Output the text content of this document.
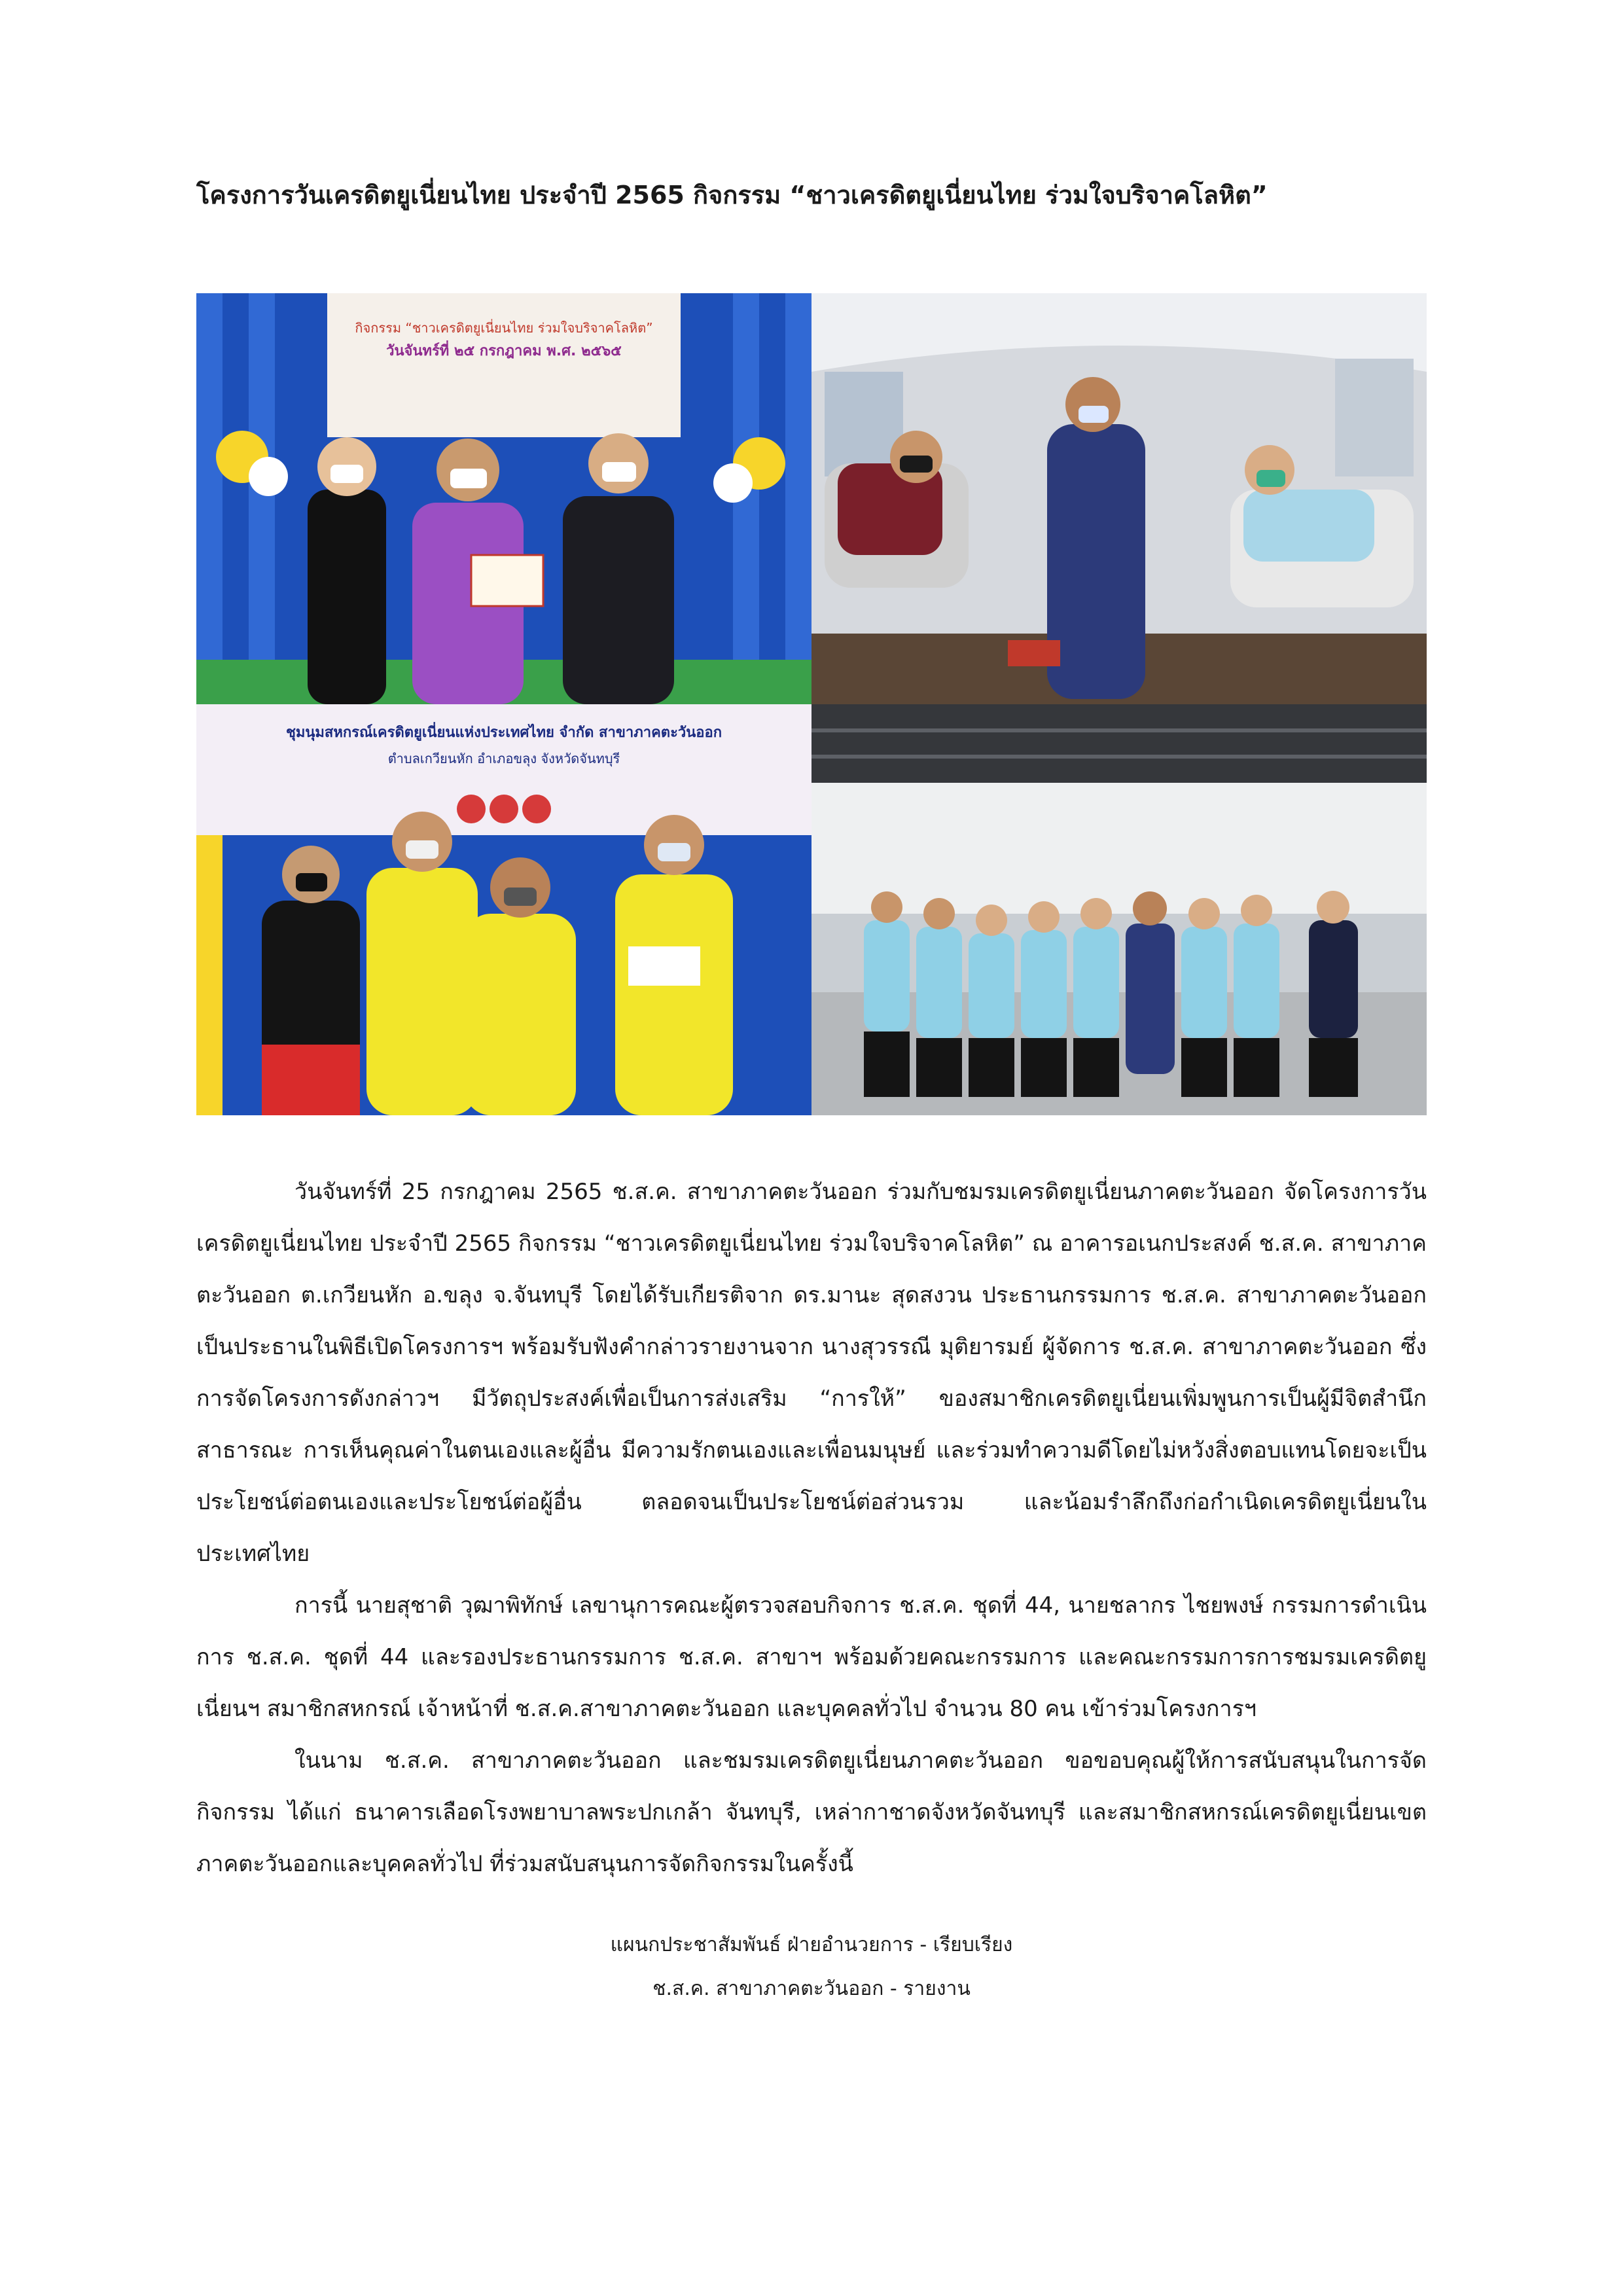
โครงการวันเครดิตยูเนี่ยนไทย ประจำปี 2565 กิจกรรม “ชาวเครดิตยูเนี่ยนไทย ร่วมใจบริจาคโลหิต”
กิจกรรม “ชาวเครดิตยูเนี่ยนไทย ร่วมใจบริจาคโลหิต”
วันจันทร์ที่ ๒๕ กรกฎาคม พ.ศ. ๒๕๖๕
ชุมนุมสหกรณ์เครดิตยูเนี่ยนแห่งประเทศไทย จำกัด สาขาภาคตะวันออก
ตำบลเกวียนหัก อำเภอขลุง จังหวัดจันทบุรี

วันจันทร์ที่ 25 กรกฎาคม 2565 ช.ส.ค. สาขาภาคตะวันออก ร่วมกับชมรมเครดิตยูเนี่ยนภาคตะวันออก จัดโครงการวันเครดิตยูเนี่ยนไทย ประจำปี 2565 กิจกรรม “ชาวเครดิตยูเนี่ยนไทย ร่วมใจบริจาคโลหิต” ณ อาคารอเนกประสงค์ ช.ส.ค. สาขาภาคตะวันออก ต.เกวียนหัก อ.ขลุง จ.จันทบุรี โดยได้รับเกียรติจาก ดร.มานะ สุดสงวน ประธานกรรมการ ช.ส.ค. สาขาภาคตะวันออก เป็นประธานในพิธีเปิดโครงการฯ พร้อมรับฟังคำกล่าวรายงานจาก นางสุวรรณี มุติยารมย์ ผู้จัดการ ช.ส.ค. สาขาภาคตะวันออก ซึ่งการจัดโครงการดังกล่าวฯ มีวัตถุประสงค์เพื่อเป็นการส่งเสริม “การให้” ของสมาชิกเครดิตยูเนี่ยนเพิ่มพูนการเป็นผู้มีจิตสำนึกสาธารณะ การเห็นคุณค่าในตนเองและผู้อื่น มีความรักตนเองและเพื่อนมนุษย์ และร่วมทำความดีโดยไม่หวังสิ่งตอบแทนโดยจะเป็นประโยชน์ต่อตนเองและประโยชน์ต่อผู้อื่น ตลอดจนเป็นประโยชน์ต่อส่วนรวม และน้อมรำลึกถึงก่อกำเนิดเครดิตยูเนี่ยนในประเทศไทย

การนี้ นายสุชาติ วุฒาพิทักษ์ เลขานุการคณะผู้ตรวจสอบกิจการ ช.ส.ค. ชุดที่ 44, นายชลากร ไชยพงษ์ กรรมการดำเนินการ ช.ส.ค. ชุดที่ 44 และรองประธานกรรมการ ช.ส.ค. สาขาฯ พร้อมด้วยคณะกรรมการ และคณะกรรมการการชมรมเครดิตยูเนี่ยนฯ สมาชิกสหกรณ์ เจ้าหน้าที่ ช.ส.ค.สาขาภาคตะวันออก และบุคคลทั่วไป จำนวน 80 คน เข้าร่วมโครงการฯ

ในนาม ช.ส.ค. สาขาภาคตะวันออก และชมรมเครดิตยูเนี่ยนภาคตะวันออก ขอขอบคุณผู้ให้การสนับสนุนในการจัดกิจกรรม ได้แก่ ธนาคารเลือดโรงพยาบาลพระปกเกล้า จันทบุรี, เหล่ากาชาดจังหวัดจันทบุรี และสมาชิกสหกรณ์เครดิตยูเนี่ยนเขตภาคตะวันออกและบุคคลทั่วไป ที่ร่วมสนับสนุนการจัดกิจกรรมในครั้งนี้

แผนกประชาสัมพันธ์ ฝ่ายอำนวยการ - เรียบเรียง
ช.ส.ค. สาขาภาคตะวันออก - รายงาน
